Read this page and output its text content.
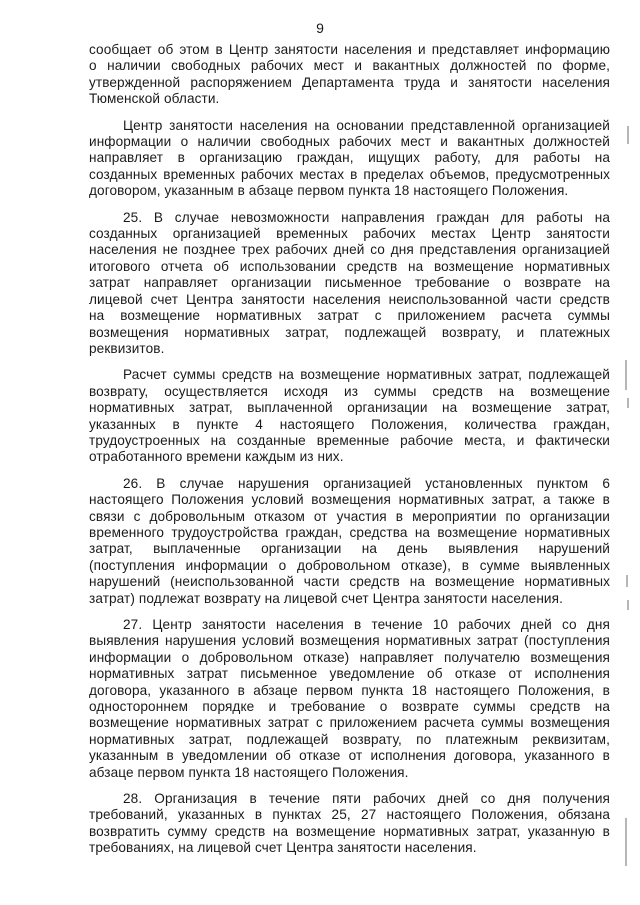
9

сообщает об этом в Центр занятости населения и представляет информацию
о наличии свободных рабочих мест и вакантных должностей по форме,
утвержденной распоряжением Департамента труда и занятости населения
Тюменской области.

Центр занятости населения на основании представленной организацией
информации о наличии свободных рабочих мест и вакантных должностей
направляет в организацию граждан, ищущих работу, для работы на
созданных временных рабочих местах в пределах объемов, предусмотренных
договором, указанным в абзаце первом пункта 18 настоящего Положения.

25. В случае невозможности направления граждан для работы на
созданных организацией временных рабочих местах Центр занятости
населения не позднее трех рабочих дней со дня представления организацией
итогового отчета об использовании средств на возмещение нормативных
затрат направляет организации письменное требование о возврате на
лицевой счет Центра занятости населения неиспользованной части средств
на возмещение нормативных затрат с приложением расчета суммы
возмещения нормативных затрат, подлежащей возврату, и платежных
реквизитов.

Расчет суммы средств на возмещение нормативных затрат, подлежащей
возврату, осуществляется исходя из суммы средств на возмещение
нормативных затрат, выплаченной организации на возмещение затрат,
указанных в пункте 4 настоящего Положения, количества граждан,
трудоустроенных на созданные временные рабочие места, и фактически
отработанного времени каждым из них.

26. В случае нарушения организацией установленных пунктом 6
настоящего Положения условий возмещения нормативных затрат, а также в
связи с добровольным отказом от участия в мероприятии по организации
временного трудоустройства граждан, средства на возмещение нормативных
затрат, выплаченные организации на день выявления нарушений
(поступления информации о добровольном отказе), в сумме выявленных
нарушений (неиспользованной части средств на возмещение нормативных
затрат) подлежат возврату на лицевой счет Центра занятости населения.

27. Центр занятости населения в течение 10 рабочих дней со дня
выявления нарушения условий возмещения нормативных затрат (поступления
информации о добровольном отказе) направляет получателю возмещения
нормативных затрат письменное уведомление об отказе от исполнения
договора, указанного в абзаце первом пункта 18 настоящего Положения, в
одностороннем порядке и требование о возврате суммы средств на
возмещение нормативных затрат с приложением расчета суммы возмещения
нормативных затрат, подлежащей возврату, по платежным реквизитам,
указанным в уведомлении об отказе от исполнения договора, указанного в
абзаце первом пункта 18 настоящего Положения.

28. Организация в течение пяти рабочих дней со дня получения
требований, указанных в пунктах 25, 27 настоящего Положения, обязана
возвратить сумму средств на возмещение нормативных затрат, указанную в
требованиях, на лицевой счет Центра занятости населения.
